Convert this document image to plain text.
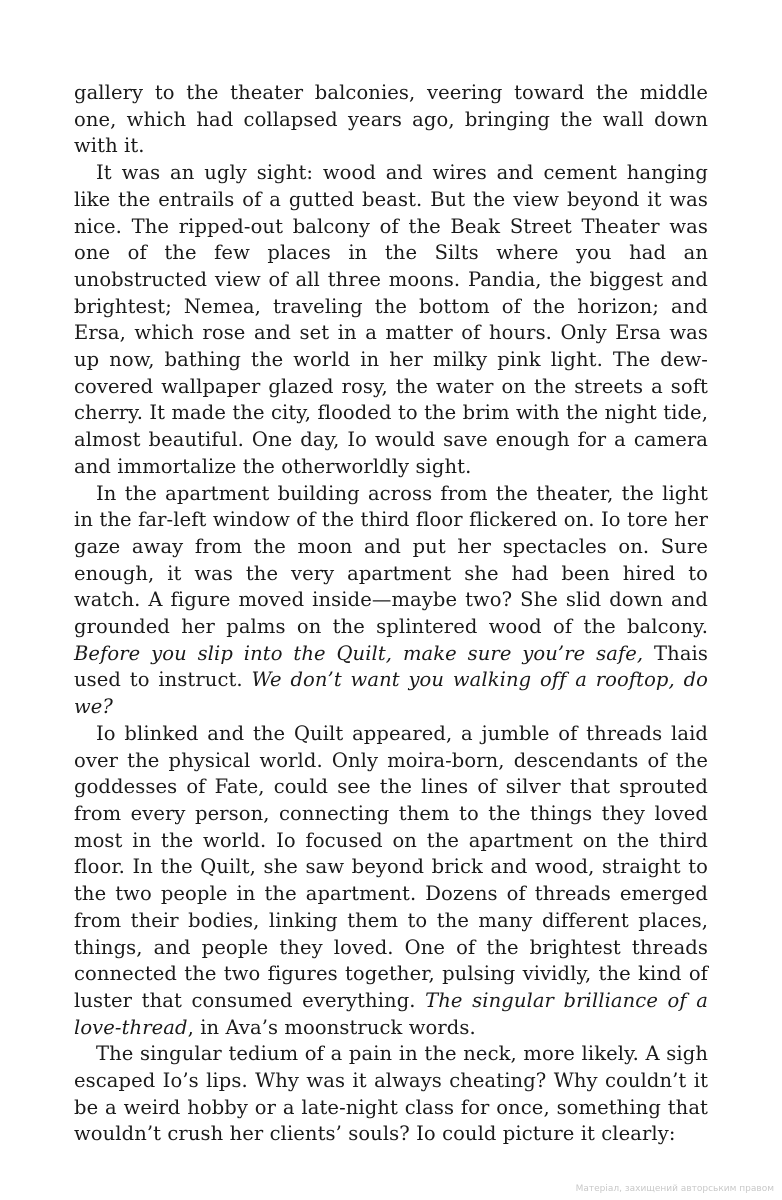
gallery to the theater balconies, veering toward the middle one, which had collapsed years ago, bringing the wall down with it.

It was an ugly sight: wood and wires and cement hanging like the entrails of a gutted beast. But the view beyond it was nice. The ripped-out balcony of the Beak Street Theater was one of the few places in the Silts where you had an unobstructed view of all three moons. Pandia, the biggest and brightest; Nemea, traveling the bottom of the horizon; and Ersa, which rose and set in a matter of hours. Only Ersa was up now, bathing the world in her milky pink light. The dew-covered wallpaper glazed rosy, the water on the streets a soft cherry. It made the city, flooded to the brim with the night tide, almost beautiful. One day, Io would save enough for a camera and immortalize the otherworldly sight.

In the apartment building across from the theater, the light in the far-left window of the third floor flickered on. Io tore her gaze away from the moon and put her spectacles on. Sure enough, it was the very apartment she had been hired to watch. A figure moved inside—maybe two? She slid down and grounded her palms on the splintered wood of the balcony. Before you slip into the Quilt, make sure you’re safe, Thais used to instruct. We don’t want you walking off a rooftop, do we?

Io blinked and the Quilt appeared, a jumble of threads laid over the physical world. Only moira-born, descendants of the goddesses of Fate, could see the lines of silver that sprouted from every person, connecting them to the things they loved most in the world. Io focused on the apartment on the third floor. In the Quilt, she saw beyond brick and wood, straight to the two people in the apartment. Dozens of threads emerged from their bodies, linking them to the many different places, things, and people they loved. One of the brightest threads connected the two figures together, pulsing vividly, the kind of luster that consumed everything. The singular brilliance of a love-thread, in Ava’s moonstruck words.

The singular tedium of a pain in the neck, more likely. A sigh escaped Io’s lips. Why was it always cheating? Why couldn’t it be a weird hobby or a late-night class for once, something that wouldn’t crush her clients’ souls? Io could picture it clearly:

Матеріал, захищений авторським правом
